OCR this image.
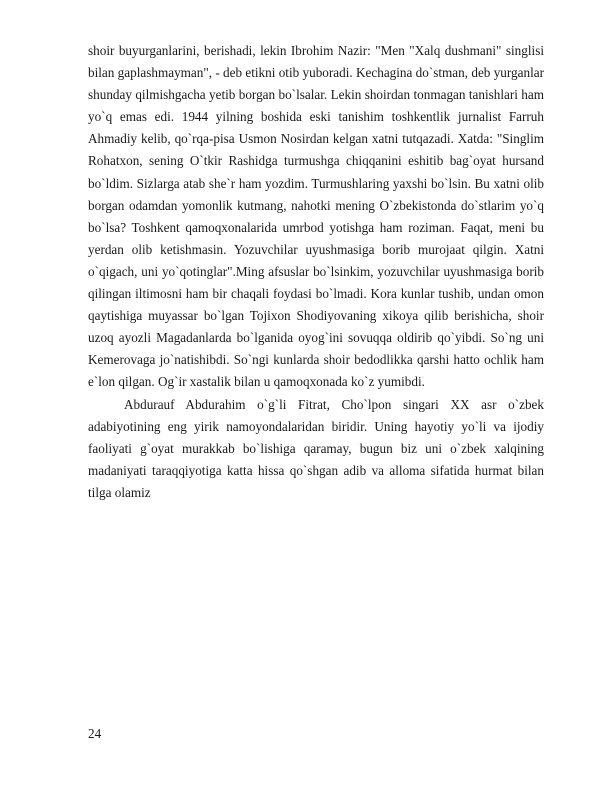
shoir buyurganlarini, berishadi, lekin Ibrohim Nazir: "Men "Xalq dushmani" singlisi bilan gaplashmayman", - deb etikni otib yuboradi. Kechagina do`stman, deb yurganlar shunday qilmishgacha yetib borgan bo`lsalar. Lekin shoirdan tonmagan tanishlari ham yo`q emas edi. 1944 yilning boshida eski tanishim toshkentlik jurnalist Farruh Ahmadiy kelib, qo`rqa-pisa Usmon Nosirdan kelgan xatni tutqazadi. Xatda: "Singlim Rohatxon, sening O`tkir Rashidga turmushga chiqqanini eshitib bag`oyat hursand bo`ldim. Sizlarga atab she`r ham yozdim. Turmushlaring yaxshi bo`lsin. Bu xatni olib borgan odamdan yomonlik kutmang, nahotki mening O`zbekistonda do`stlarim yo`q bo`lsa? Toshkent qamoqxonalarida umrbod yotishga ham roziman. Faqat, meni bu yerdan olib ketishmasin. Yozuvchilar uyushmasiga borib murojaat qilgin. Xatni o`qigach, uni yo`qotinglar".Ming afsuslar bo`lsinkim, yozuvchilar uyushmasiga borib qilingan iltimosni ham bir chaqali foydasi bo`lmadi. Kora kunlar tushib, undan omon qaytishiga muyassar bo`lgan Tojixon Shodiyovaning xikoya qilib berishicha, shoir uzoq ayozli Magadanlarda bo`lganida oyog`ini sovuqqa oldirib qo`yibdi. So`ng uni Kemerovaga jo`natishibdi. So`ngi kunlarda shoir bedodlikka qarshi hatto ochlik ham e`lon qilgan. Og`ir xastalik bilan u qamoqxonada ko`z yumibdi.

Abdurauf Abdurahim o`g`li Fitrat, Cho`lpon singari XX asr o`zbek adabiyotining eng yirik namoyondalaridan biridir. Uning hayotiy yo`li va ijodiy faoliyati g`oyat murakkab bo`lishiga qaramay, bugun biz uni o`zbek xalqining madaniyati taraqqiyotiga katta hissa qo`shgan adib va alloma sifatida hurmat bilan tilga olamiz

24
